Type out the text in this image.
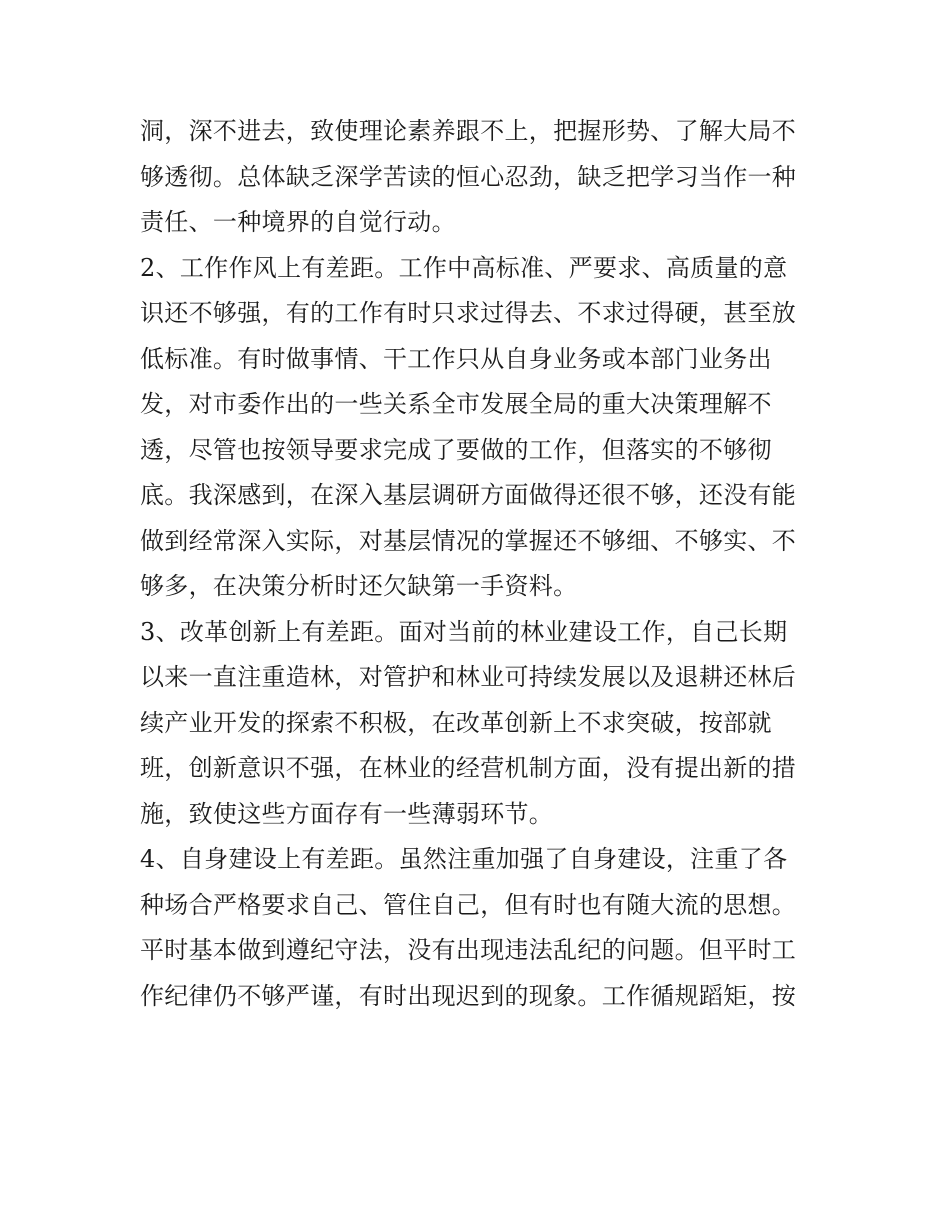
洞，深不进去，致使理论素养跟不上，把握形势、了解大局不
够透彻。总体缺乏深学苦读的恒心忍劲，缺乏把学习当作一种
责任、一种境界的自觉行动。
2、工作作风上有差距。工作中高标准、严要求、高质量的意
识还不够强，有的工作有时只求过得去、不求过得硬，甚至放
低标准。有时做事情、干工作只从自身业务或本部门业务出
发，对市委作出的一些关系全市发展全局的重大决策理解不
透，尽管也按领导要求完成了要做的工作，但落实的不够彻
底。我深感到，在深入基层调研方面做得还很不够，还没有能
做到经常深入实际，对基层情况的掌握还不够细、不够实、不
够多，在决策分析时还欠缺第一手资料。
3、改革创新上有差距。面对当前的林业建设工作，自己长期
以来一直注重造林，对管护和林业可持续发展以及退耕还林后
续产业开发的探索不积极，在改革创新上不求突破，按部就
班，创新意识不强，在林业的经营机制方面，没有提出新的措
施，致使这些方面存有一些薄弱环节。
4、自身建设上有差距。虽然注重加强了自身建设，注重了各
种场合严格要求自己、管住自己，但有时也有随大流的思想。
平时基本做到遵纪守法，没有出现违法乱纪的问题。但平时工
作纪律仍不够严谨，有时出现迟到的现象。工作循规蹈矩，按
